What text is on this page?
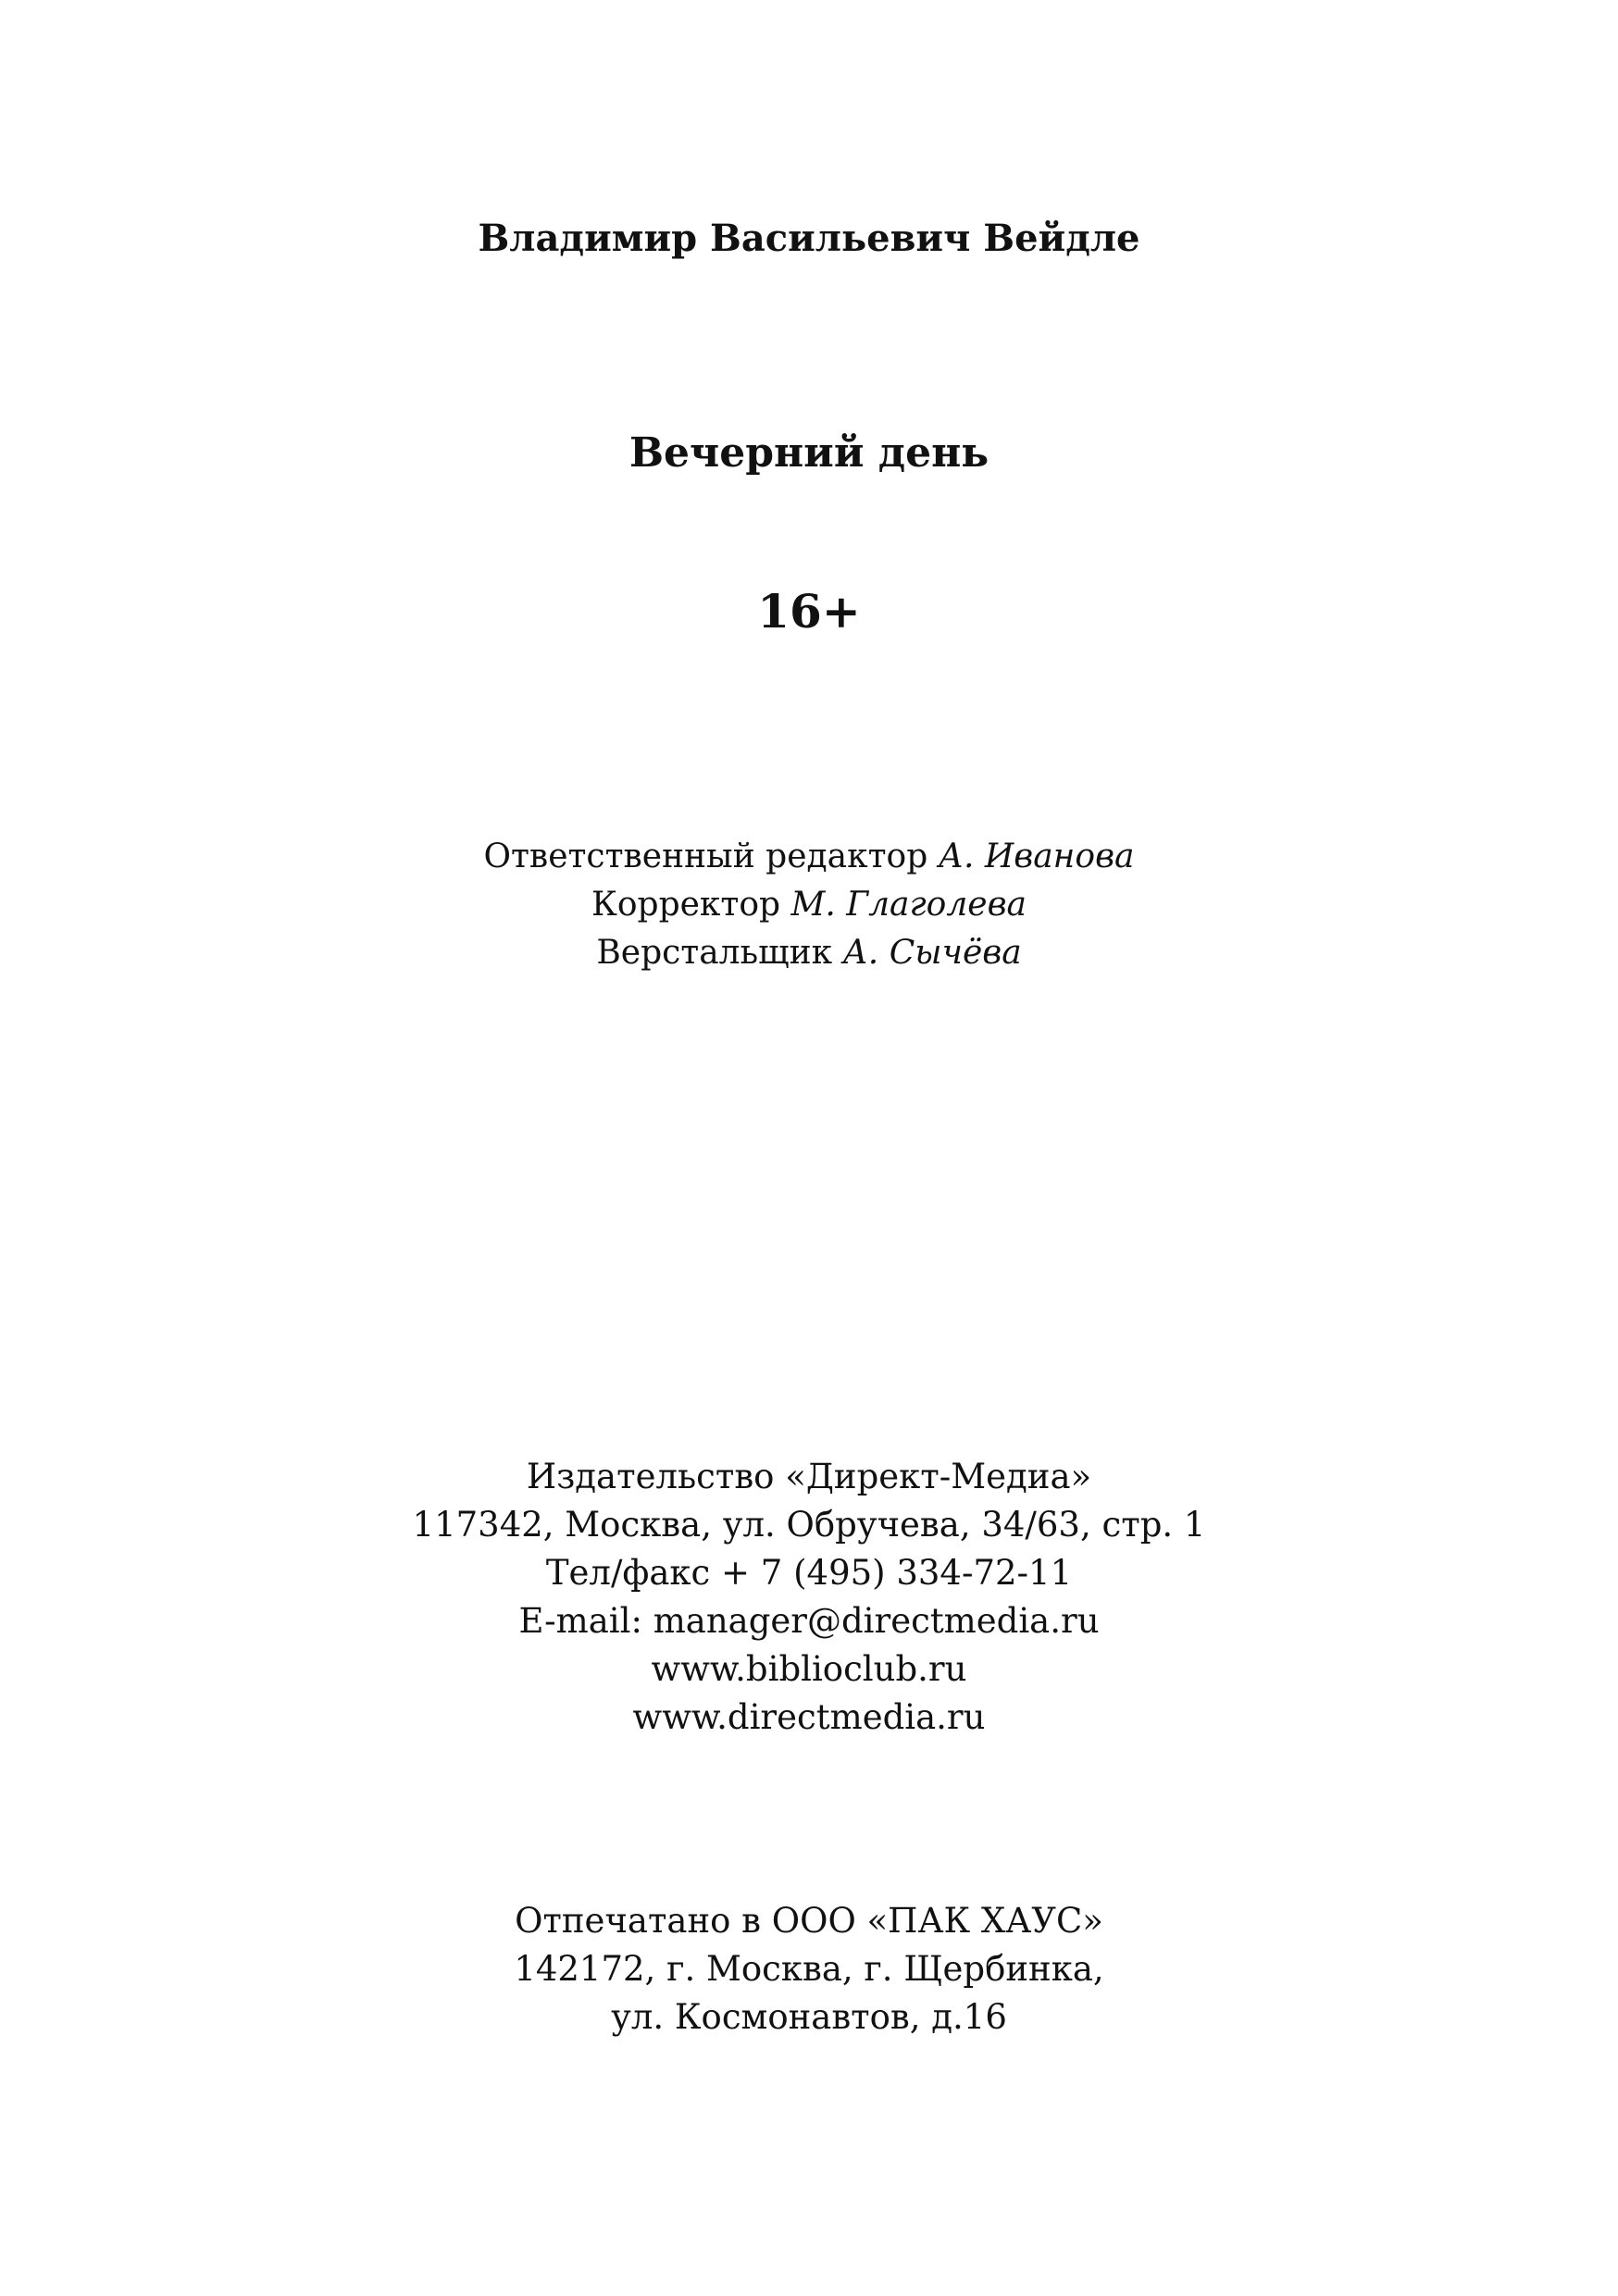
Владимир Васильевич Вейдле
Вечерний день
16+
Ответственный редактор А. Иванова
Корректор М. Глаголева
Верстальщик А. Сычёва
Издательство «Директ-Медиа»
117342, Москва, ул. Обручева, 34/63, стр. 1
Тел/факс + 7 (495) 334-72-11
E-mail: manager@directmedia.ru
www.biblioclub.ru
www.directmedia.ru
Отпечатано в ООО «ПАК ХАУС»
142172, г. Москва, г. Щербинка,
ул. Космонавтов, д.16
